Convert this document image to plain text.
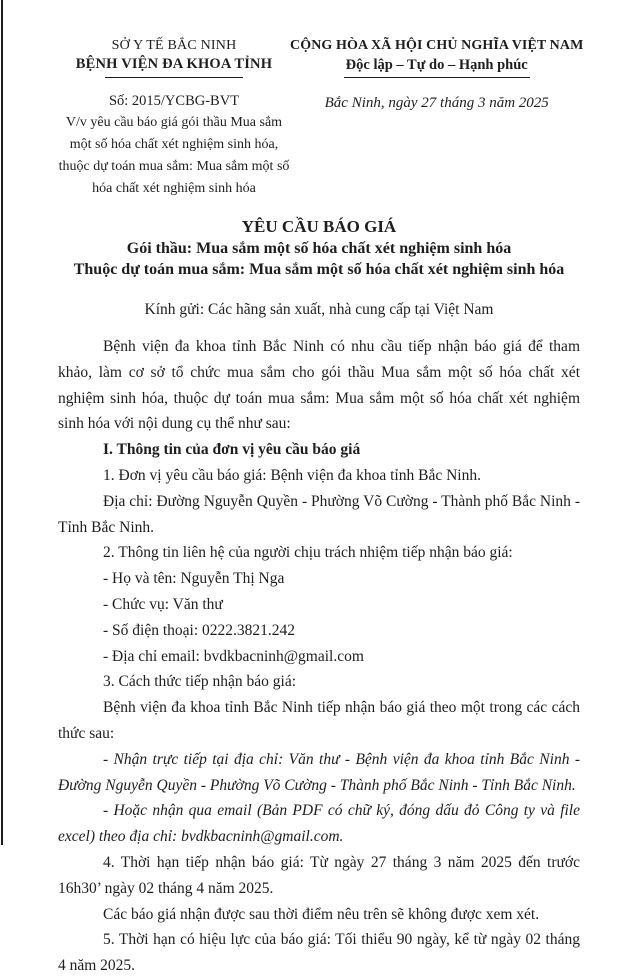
SỞ Y TẾ BẮC NINH
BỆNH VIỆN ĐA KHOA TỈNH
Số: 2015/YCBG-BVT
V/v yêu cầu báo giá gói thầu Mua sắm một số hóa chất xét nghiệm sinh hóa, thuộc dự toán mua sắm: Mua sắm một số hóa chất xét nghiệm sinh hóa
CỘNG HÒA XÃ HỘI CHỦ NGHĨA VIỆT NAM
Độc lập – Tự do – Hạnh phúc
Bắc Ninh, ngày 27 tháng 3 năm 2025
YÊU CẦU BÁO GIÁ
Gói thầu: Mua sắm một số hóa chất xét nghiệm sinh hóa
Thuộc dự toán mua sắm: Mua sắm một số hóa chất xét nghiệm sinh hóa
Kính gửi: Các hãng sản xuất, nhà cung cấp tại Việt Nam

Bệnh viện đa khoa tỉnh Bắc Ninh có nhu cầu tiếp nhận báo giá để tham khảo, làm cơ sở tổ chức mua sắm cho gói thầu Mua sắm một số hóa chất xét nghiệm sinh hóa, thuộc dự toán mua sắm: Mua sắm một số hóa chất xét nghiệm sinh hóa với nội dung cụ thể như sau:

I. Thông tin của đơn vị yêu cầu báo giá

1. Đơn vị yêu cầu báo giá: Bệnh viện đa khoa tỉnh Bắc Ninh.

Địa chỉ: Đường Nguyễn Quyền - Phường Võ Cường - Thành phố Bắc Ninh - Tỉnh Bắc Ninh.

2. Thông tin liên hệ của người chịu trách nhiệm tiếp nhận báo giá:

- Họ và tên: Nguyễn Thị Nga

- Chức vụ: Văn thư

- Số điện thoại: 0222.3821.242

- Địa chỉ email: bvdkbacninh@gmail.com

3. Cách thức tiếp nhận báo giá:

Bệnh viện đa khoa tỉnh Bắc Ninh tiếp nhận báo giá theo một trong các cách thức sau:

- Nhận trực tiếp tại địa chỉ: Văn thư - Bệnh viện đa khoa tỉnh Bắc Ninh - Đường Nguyễn Quyền - Phường Võ Cường - Thành phố Bắc Ninh - Tỉnh Bắc Ninh.

- Hoặc nhận qua email (Bản PDF có chữ ký, đóng dấu đỏ Công ty và file excel) theo địa chỉ: bvdkbacninh@gmail.com.

4. Thời hạn tiếp nhận báo giá: Từ ngày 27 tháng 3 năm 2025 đến trước 16h30’ ngày 02 tháng 4 năm 2025.

Các báo giá nhận được sau thời điểm nêu trên sẽ không được xem xét.

5. Thời hạn có hiệu lực của báo giá: Tối thiểu 90 ngày, kể từ ngày 02 tháng 4 năm 2025.
